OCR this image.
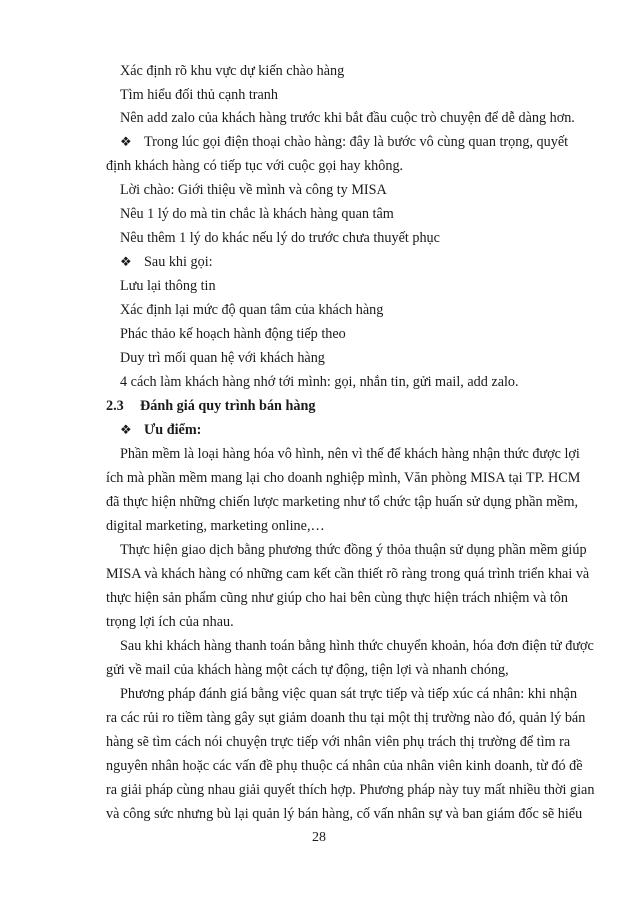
Xác định rõ khu vực dự kiến chào hàng
Tìm hiểu đối thủ cạnh tranh
Nên add zalo của khách hàng trước khi bắt đầu cuộc trò chuyện để dễ dàng hơn.
❖ Trong lúc gọi điện thoại chào hàng: đây là bước vô cùng quan trọng, quyết
định khách hàng có tiếp tục với cuộc gọi hay không.
Lời chào: Giới thiệu về mình và công ty MISA
Nêu 1 lý do mà tin chắc là khách hàng quan tâm
Nêu thêm 1 lý do khác nếu lý do trước chưa thuyết phục
❖ Sau khi gọi:
Lưu lại thông tin
Xác định lại mức độ quan tâm của khách hàng
Phác thảo kế hoạch hành động tiếp theo
Duy trì mối quan hệ với khách hàng
4 cách làm khách hàng nhớ tới mình: gọi, nhắn tin, gửi mail, add zalo.
2.3 Đánh giá quy trình bán hàng
❖ Ưu điểm:
Phần mềm là loại hàng hóa vô hình, nên vì thế để khách hàng nhận thức được lợi
ích mà phần mềm mang lại cho doanh nghiệp mình, Văn phòng MISA tại TP. HCM
đã thực hiện những chiến lược marketing như tổ chức tập huấn sử dụng phần mềm,
digital marketing, marketing online,…
Thực hiện giao dịch bằng phương thức đồng ý thỏa thuận sử dụng phần mềm giúp
MISA và khách hàng có những cam kết cần thiết rõ ràng trong quá trình triển khai và
thực hiện sản phẩm cũng như giúp cho hai bên cùng thực hiện trách nhiệm và tôn
trọng lợi ích của nhau.
Sau khi khách hàng thanh toán bằng hình thức chuyển khoản, hóa đơn điện tử được
gửi về mail của khách hàng một cách tự động, tiện lợi và nhanh chóng,
Phương pháp đánh giá bằng việc quan sát trực tiếp và tiếp xúc cá nhân: khi nhận
ra các rủi ro tiềm tàng gây sụt giảm doanh thu tại một thị trường nào đó, quản lý bán
hàng sẽ tìm cách nói chuyện trực tiếp với nhân viên phụ trách thị trường để tìm ra
nguyên nhân hoặc các vấn đề phụ thuộc cá nhân của nhân viên kinh doanh, từ đó đề
ra giải pháp cùng nhau giải quyết thích hợp. Phương pháp này tuy mất nhiều thời gian
và công sức nhưng bù lại quản lý bán hàng, cố vấn nhân sự và ban giám đốc sẽ hiểu
28
